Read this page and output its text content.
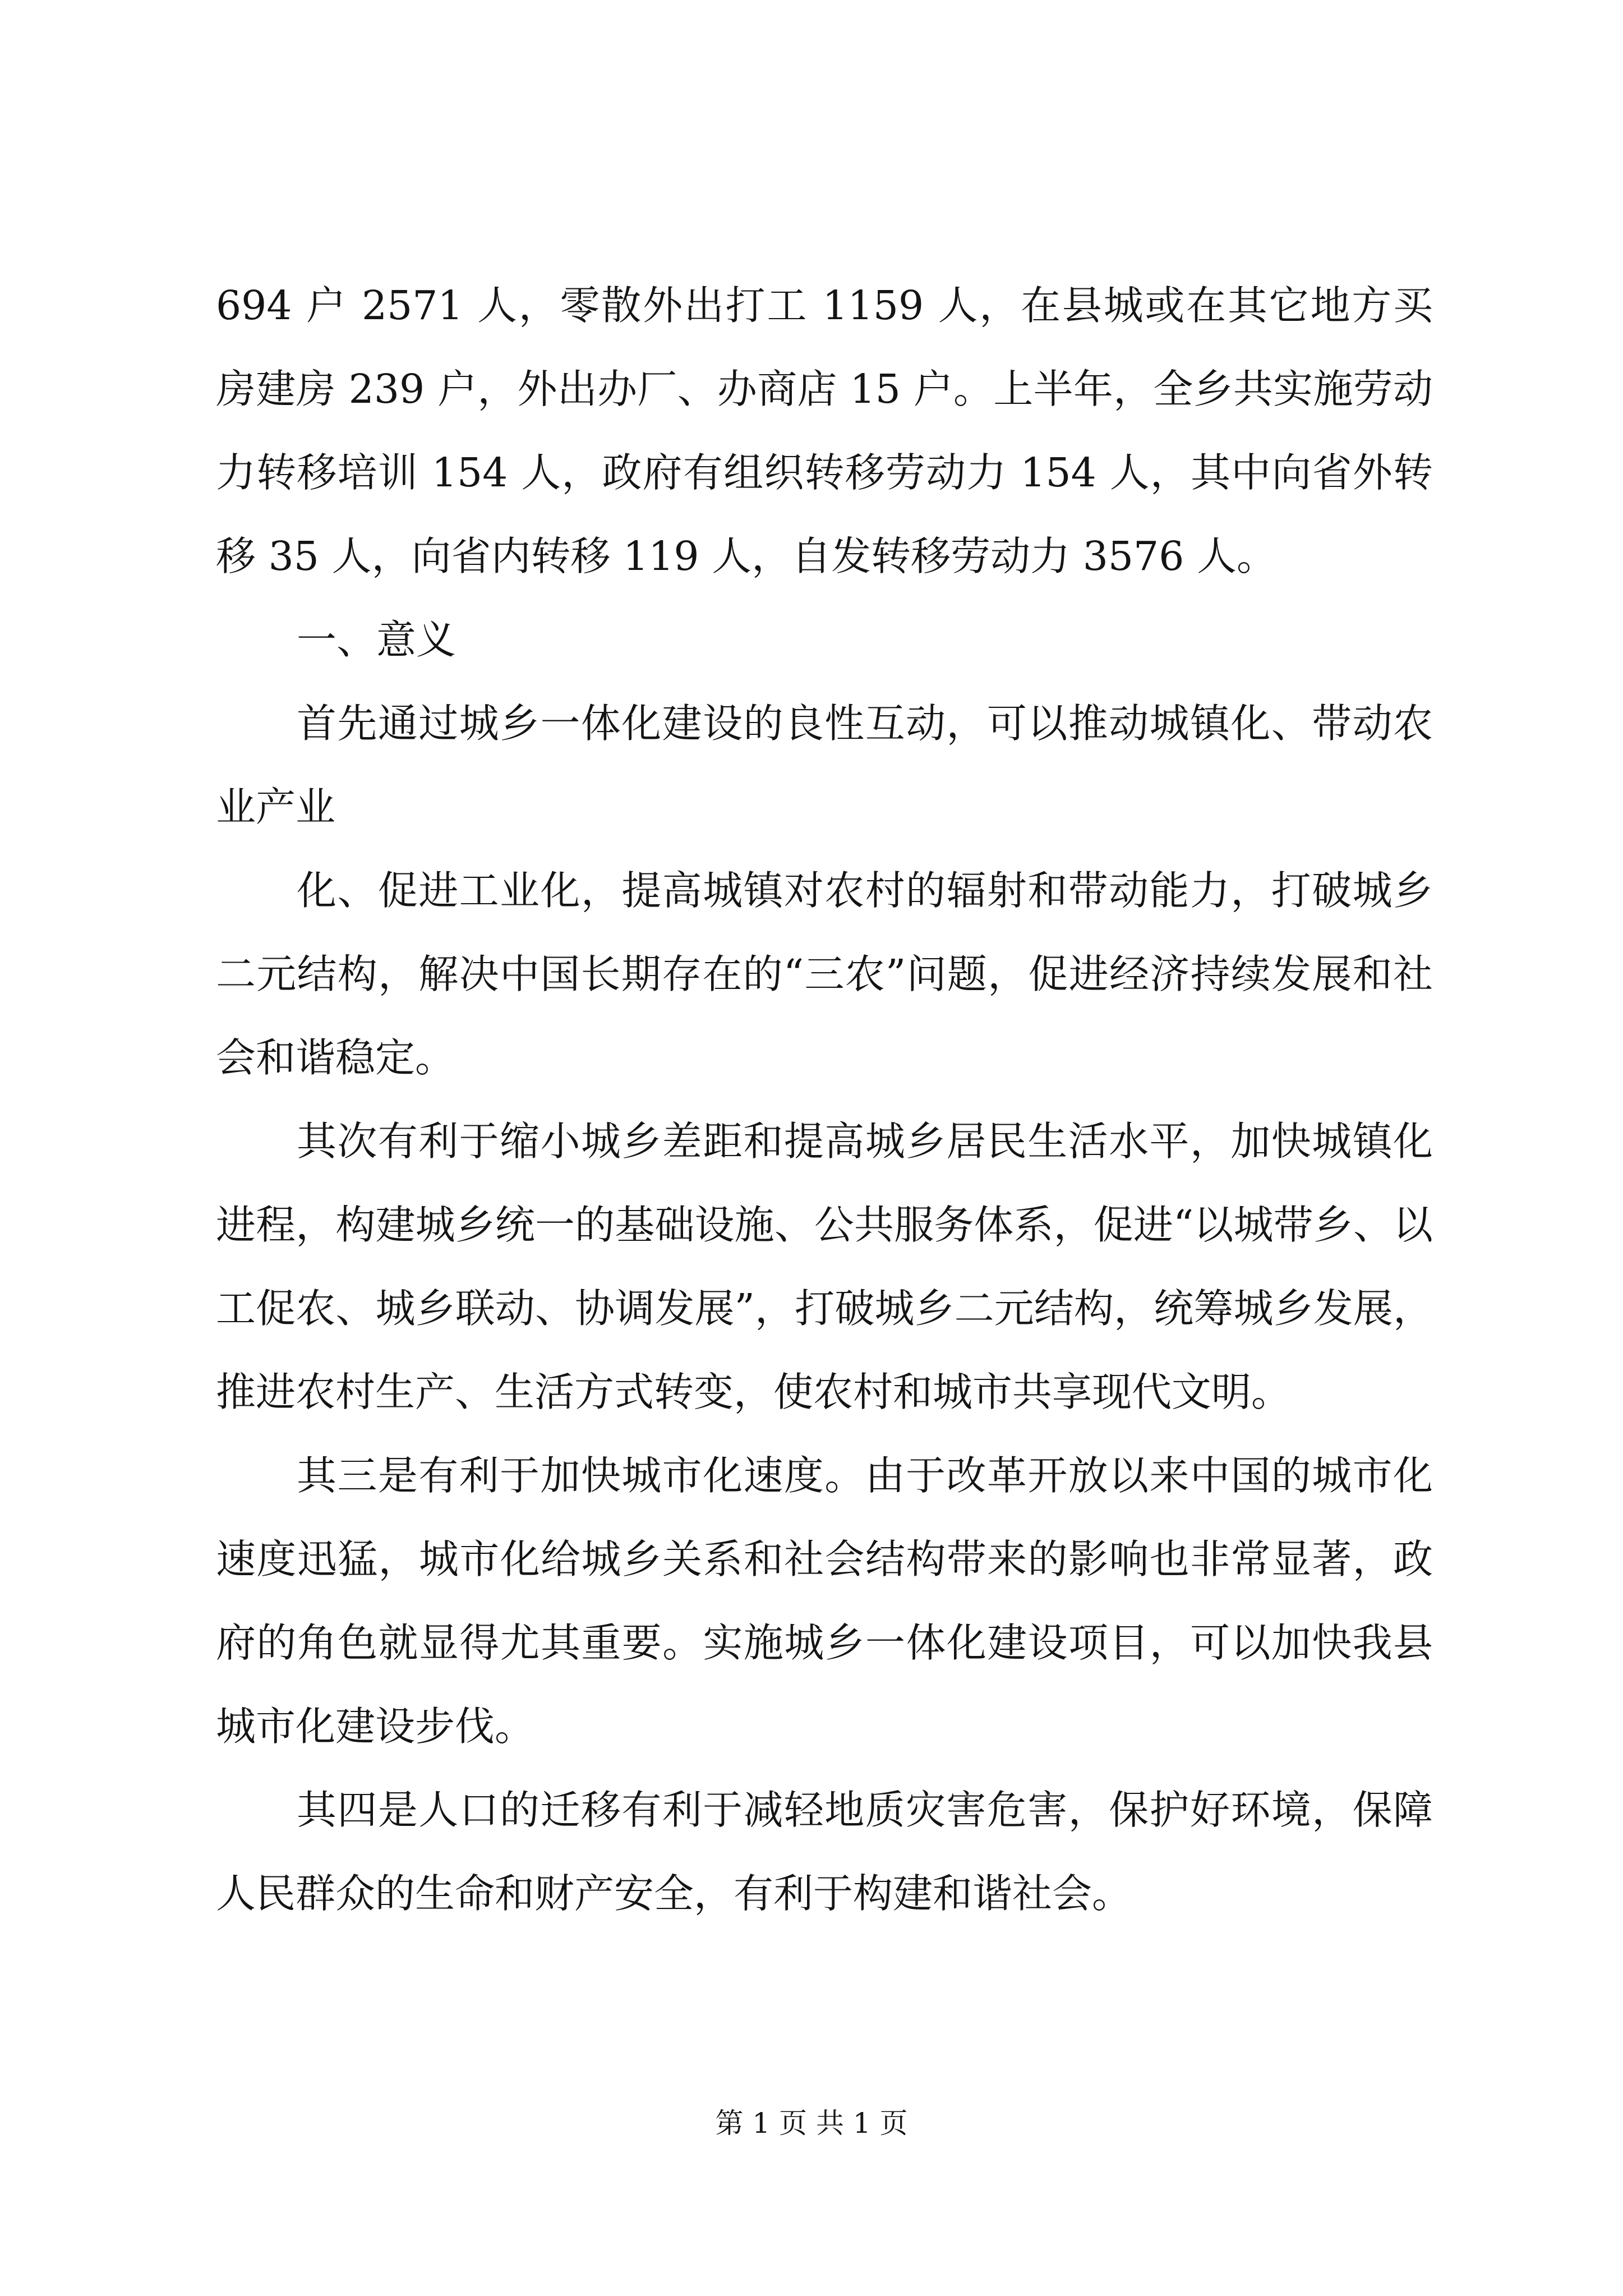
694 户 2571 人，零散外出打工 1159 人，在县城或在其它地方买房建房 239 户，外出办厂、办商店 15 户。上半年，全乡共实施劳动力转移培训 154 人，政府有组织转移劳动力 154 人，其中向省外转移 35 人，向省内转移 119 人，自发转移劳动力 3576 人。

一、意义

首先通过城乡一体化建设的良性互动，可以推动城镇化、带动农业产业

化、促进工业化，提高城镇对农村的辐射和带动能力，打破城乡二元结构，解决中国长期存在的“三农”问题，促进经济持续发展和社会和谐稳定。

其次有利于缩小城乡差距和提高城乡居民生活水平，加快城镇化进程，构建城乡统一的基础设施、公共服务体系，促进“以城带乡、以工促农、城乡联动、协调发展”，打破城乡二元结构，统筹城乡发展，推进农村生产、生活方式转变，使农村和城市共享现代文明。

其三是有利于加快城市化速度。由于改革开放以来中国的城市化速度迅猛，城市化给城乡关系和社会结构带来的影响也非常显著，政府的角色就显得尤其重要。实施城乡一体化建设项目，可以加快我县城市化建设步伐。

其四是人口的迁移有利于减轻地质灾害危害，保护好环境，保障人民群众的生命和财产安全，有利于构建和谐社会。

第 1 页 共 1 页
